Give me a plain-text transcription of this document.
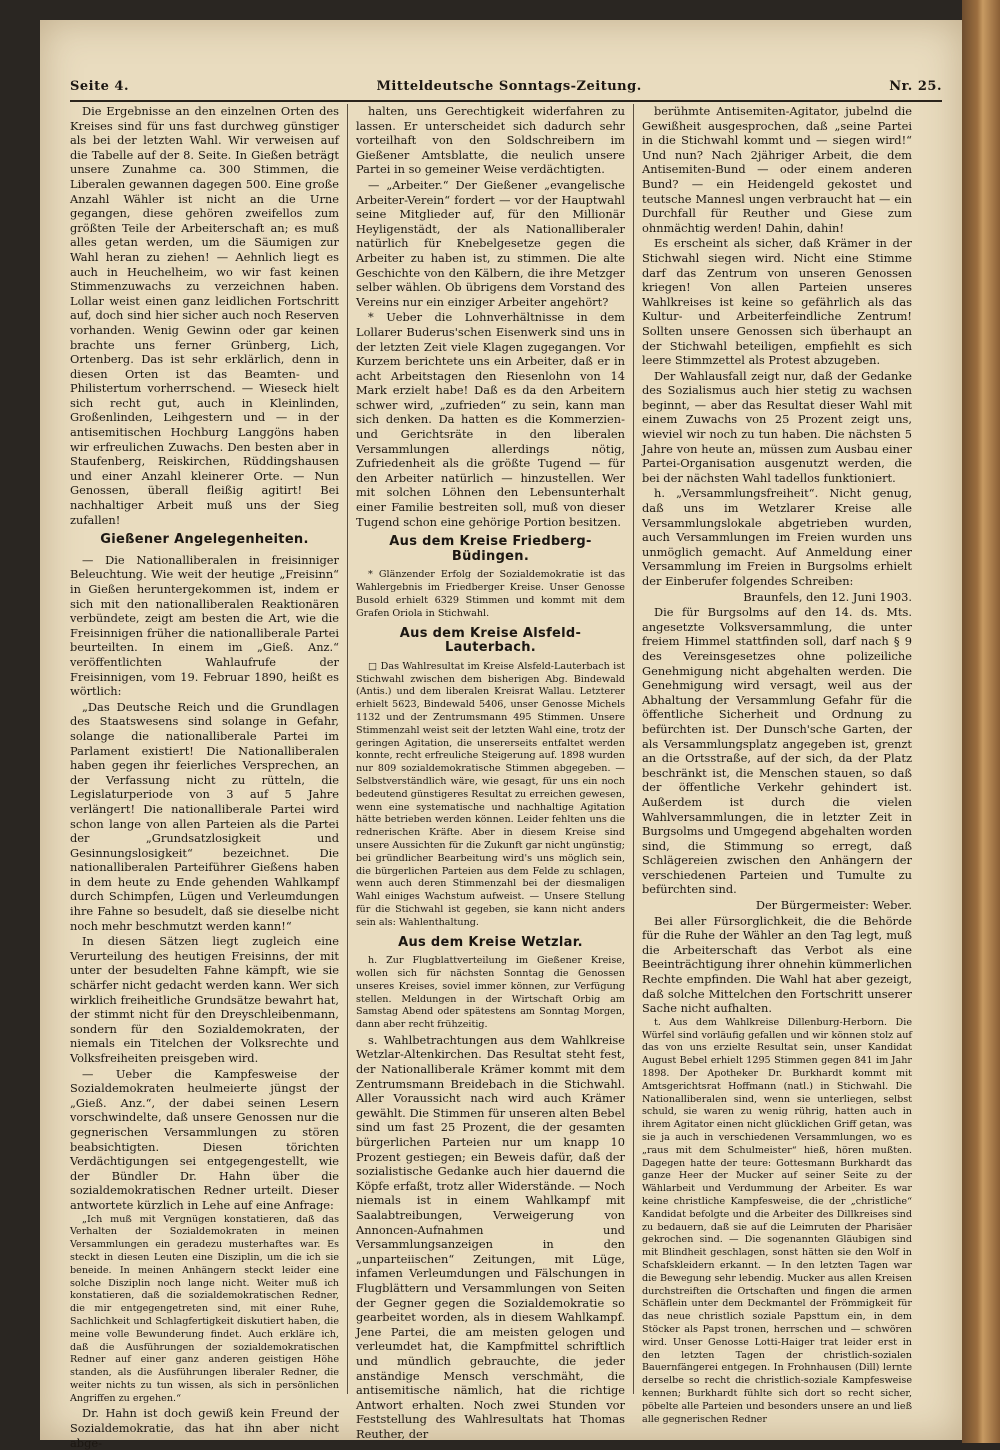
Seite 4.	Mitteldeutsche Sonntags-Zeitung.	Nr. 25.

Die Ergebnisse an den einzelnen Orten des Kreises sind für uns fast durchweg günstiger als bei der letzten Wahl. Wir verweisen auf die Tabelle auf der 8. Seite. In Gießen beträgt unsere Zunahme ca. 300 Stimmen, die Liberalen gewannen dagegen 500. Eine große Anzahl Wähler ist nicht an die Urne gegangen, diese gehören zweifellos zum größten Teile der Arbeiterschaft an; es muß alles getan werden, um die Säumigen zur Wahl heran zu ziehen! — Aehnlich liegt es auch in Heuchelheim, wo wir fast keinen Stimmenzuwachs zu verzeichnen haben. Lollar weist einen ganz leidlichen Fortschritt auf, doch sind hier sicher auch noch Reserven vorhanden. Wenig Gewinn oder gar keinen brachte uns ferner Grünberg, Lich, Ortenberg. Das ist sehr erklärlich, denn in diesen Orten ist das Beamten- und Philistertum vorherrschend. — Wieseck hielt sich recht gut, auch in Kleinlinden, Großenlinden, Leihgestern und — in der antisemitischen Hochburg Langgöns haben wir erfreulichen Zuwachs. Den besten aber in Staufenberg, Reiskirchen, Rüddingshausen und einer Anzahl kleinerer Orte. — Nun Genossen, überall fleißig agitirt! Bei nachhaltiger Arbeit muß uns der Sieg zufallen!

Gießener Angelegenheiten.

— Die Nationalliberalen in freisinniger Beleuchtung. Wie weit der heutige „Freisinn“ in Gießen heruntergekommen ist, indem er sich mit den nationalliberalen Reaktionären verbündete, zeigt am besten die Art, wie die Freisinnigen früher die nationalliberale Partei beurteilten. In einem im „Gieß. Anz.“ veröffentlichten Wahlaufrufe der Freisinnigen, vom 19. Februar 1890, heißt es wörtlich:

„Das Deutsche Reich und die Grundlagen des Staatswesens sind solange in Gefahr, solange die nationalliberale Partei im Parlament existiert! Die Nationalliberalen haben gegen ihr feierliches Versprechen, an der Verfassung nicht zu rütteln, die Legislaturperiode von 3 auf 5 Jahre verlängert! Die nationalliberale Partei wird schon lange von allen Parteien als die Partei der „Grundsatzlosigkeit und Gesinnungslosigkeit“ bezeichnet. Die nationalliberalen Parteiführer Gießens haben in dem heute zu Ende gehenden Wahlkampf durch Schimpfen, Lügen und Verleumdungen ihre Fahne so besudelt, daß sie dieselbe nicht noch mehr beschmutzt werden kann!“

In diesen Sätzen liegt zugleich eine Verurteilung des heutigen Freisinns, der mit unter der besudelten Fahne kämpft, wie sie schärfer nicht gedacht werden kann. Wer sich wirklich freiheitliche Grundsätze bewahrt hat, der stimmt nicht für den Dreyschleibenmann, sondern für den Sozialdemokraten, der niemals ein Titelchen der Volksrechte und Volksfreiheiten preisgeben wird.

— Ueber die Kampfesweise der Sozialdemokraten heulmeierte jüngst der „Gieß. Anz.“, der dabei seinen Lesern vorschwindelte, daß unsere Genossen nur die gegnerischen Versammlungen zu stören beabsichtigten. Diesen törichten Verdächtigungen sei entgegengestellt, wie der Bündler Dr. Hahn über die sozialdemokratischen Redner urteilt. Dieser antwortete kürzlich in Lehe auf eine Anfrage:

„Ich muß mit Vergnügen konstatieren, daß das Verhalten der Sozialdemokraten in meinen Versammlungen ein geradezu musterhaftes war. Es steckt in diesen Leuten eine Disziplin, um die ich sie beneide. In meinen Anhängern steckt leider eine solche Disziplin noch lange nicht. Weiter muß ich konstatieren, daß die sozialdemokratischen Redner, die mir entgegengetreten sind, mit einer Ruhe, Sachlichkeit und Schlagfertigkeit diskutiert haben, die meine volle Bewunderung findet. Auch erkläre ich, daß die Ausführungen der sozialdemokratischen Redner auf einer ganz anderen geistigen Höhe standen, als die Ausführungen liberaler Redner, die weiter nichts zu tun wissen, als sich in persönlichen Angriffen zu ergehen.“

Dr. Hahn ist doch gewiß kein Freund der Sozialdemokratie, das hat ihn aber nicht abge-

halten, uns Gerechtigkeit widerfahren zu lassen. Er unterscheidet sich dadurch sehr vorteilhaft von den Soldschreibern im Gießener Amtsblatte, die neulich unsere Partei in so gemeiner Weise verdächtigten.

— „Arbeiter.“ Der Gießener „evangelische Arbeiter-Verein“ fordert — vor der Hauptwahl seine Mitglieder auf, für den Millionär Heyligenstädt, der als Nationalliberaler natürlich für Knebelgesetze gegen die Arbeiter zu haben ist, zu stimmen. Die alte Geschichte von den Kälbern, die ihre Metzger selber wählen. Ob übrigens dem Vorstand des Vereins nur ein einziger Arbeiter angehört?

* Ueber die Lohnverhältnisse in dem Lollarer Buderus'schen Eisenwerk sind uns in der letzten Zeit viele Klagen zugegangen. Vor Kurzem berichtete uns ein Arbeiter, daß er in acht Arbeitstagen den Riesenlohn von 14 Mark erzielt habe! Daß es da den Arbeitern schwer wird, „zufrieden“ zu sein, kann man sich denken. Da hatten es die Kommerzien- und Gerichtsräte in den liberalen Versammlungen allerdings nötig, Zufriedenheit als die größte Tugend — für den Arbeiter natürlich — hinzustellen. Wer mit solchen Löhnen den Lebensunterhalt einer Familie bestreiten soll, muß von dieser Tugend schon eine gehörige Portion besitzen.

Aus dem Kreise Friedberg-Büdingen.

* Glänzender Erfolg der Sozialdemokratie ist das Wahlergebnis im Friedberger Kreise. Unser Genosse Busold erhielt 6329 Stimmen und kommt mit dem Grafen Oriola in Stichwahl.

Aus dem Kreise Alsfeld-Lauterbach.

□ Das Wahlresultat im Kreise Alsfeld-Lauterbach ist Stichwahl zwischen dem bisherigen Abg. Bindewald (Antis.) und dem liberalen Kreisrat Wallau. Letzterer erhielt 5623, Bindewald 5406, unser Genosse Michels 1132 und der Zentrumsmann 495 Stimmen. Unsere Stimmenzahl weist seit der letzten Wahl eine, trotz der geringen Agitation, die unsererseits entfaltet werden konnte, recht erfreuliche Steigerung auf. 1898 wurden nur 809 sozialdemokratische Stimmen abgegeben. — Selbstverständlich wäre, wie gesagt, für uns ein noch bedeutend günstigeres Resultat zu erreichen gewesen, wenn eine systematische und nachhaltige Agitation hätte betrieben werden können. Leider fehlten uns die rednerischen Kräfte. Aber in diesem Kreise sind unsere Aussichten für die Zukunft gar nicht ungünstig; bei gründlicher Bearbeitung wird's uns möglich sein, die bürgerlichen Parteien aus dem Felde zu schlagen, wenn auch deren Stimmenzahl bei der diesmaligen Wahl einiges Wachstum aufweist. — Unsere Stellung für die Stichwahl ist gegeben, sie kann nicht anders sein als: Wahlenthaltung.

Aus dem Kreise Wetzlar.

h. Zur Flugblattverteilung im Gießener Kreise, wollen sich für nächsten Sonntag die Genossen unseres Kreises, soviel immer können, zur Verfügung stellen. Meldungen in der Wirtschaft Orbig am Samstag Abend oder spätestens am Sonntag Morgen, dann aber recht frühzeitig.

s. Wahlbetrachtungen aus dem Wahlkreise Wetzlar-Altenkirchen. Das Resultat steht fest, der Nationalliberale Krämer kommt mit dem Zentrumsmann Breidebach in die Stichwahl. Aller Voraussicht nach wird auch Krämer gewählt. Die Stimmen für unseren alten Bebel sind um fast 25 Prozent, die der gesamten bürgerlichen Parteien nur um knapp 10 Prozent gestiegen; ein Beweis dafür, daß der sozialistische Gedanke auch hier dauernd die Köpfe erfaßt, trotz aller Widerstände. — Noch niemals ist in einem Wahlkampf mit Saalabtreibungen, Verweigerung von Annoncen-Aufnahmen und Versammlungsanzeigen in den „unparteiischen“ Zeitungen, mit Lüge, infamen Verleumdungen und Fälschungen in Flugblättern und Versammlungen von Seiten der Gegner gegen die Sozialdemokratie so gearbeitet worden, als in diesem Wahlkampf. Jene Partei, die am meisten gelogen und verleumdet hat, die Kampfmittel schriftlich und mündlich gebrauchte, die jeder anständige Mensch verschmäht, die antisemitische nämlich, hat die richtige Antwort erhalten. Noch zwei Stunden vor Feststellung des Wahlresultats hat Thomas Reuther, der

berühmte Antisemiten-Agitator, jubelnd die Gewißheit ausgesprochen, daß „seine Partei in die Stichwahl kommt und — siegen wird!“ Und nun? Nach 2jähriger Arbeit, die dem Antisemiten-Bund — oder einem anderen Bund? — ein Heidengeld gekostet und teutsche Mannesl ungen verbraucht hat — ein Durchfall für Reuther und Giese zum ohnmächtig werden! Dahin, dahin!

Es erscheint als sicher, daß Krämer in der Stichwahl siegen wird. Nicht eine Stimme darf das Zentrum von unseren Genossen kriegen! Von allen Parteien unseres Wahlkreises ist keine so gefährlich als das Kultur- und Arbeiterfeindliche Zentrum! Sollten unsere Genossen sich überhaupt an der Stichwahl beteiligen, empfiehlt es sich leere Stimmzettel als Protest abzugeben.

Der Wahlausfall zeigt nur, daß der Gedanke des Sozialismus auch hier stetig zu wachsen beginnt, — aber das Resultat dieser Wahl mit einem Zuwachs von 25 Prozent zeigt uns, wieviel wir noch zu tun haben. Die nächsten 5 Jahre von heute an, müssen zum Ausbau einer Partei-Organisation ausgenutzt werden, die bei der nächsten Wahl tadellos funktioniert.

h. „Versammlungsfreiheit“. Nicht genug, daß uns im Wetzlarer Kreise alle Versammlungslokale abgetrieben wurden, auch Versammlungen im Freien wurden uns unmöglich gemacht. Auf Anmeldung einer Versammlung im Freien in Burgsolms erhielt der Einberufer folgendes Schreiben:

Braunfels, den 12. Juni 1903.

Die für Burgsolms auf den 14. ds. Mts. angesetzte Volksversammlung, die unter freiem Himmel stattfinden soll, darf nach § 9 des Vereinsgesetzes ohne polizeiliche Genehmigung nicht abgehalten werden. Die Genehmigung wird versagt, weil aus der Abhaltung der Versammlung Gefahr für die öffentliche Sicherheit und Ordnung zu befürchten ist. Der Dunsch'sche Garten, der als Versammlungsplatz angegeben ist, grenzt an die Ortsstraße, auf der sich, da der Platz beschränkt ist, die Menschen stauen, so daß der öffentliche Verkehr gehindert ist. Außerdem ist durch die vielen Wahlversammlungen, die in letzter Zeit in Burgsolms und Umgegend abgehalten worden sind, die Stimmung so erregt, daß Schlägereien zwischen den Anhängern der verschiedenen Parteien und Tumulte zu befürchten sind.

Der Bürgermeister: Weber.

Bei aller Fürsorglichkeit, die die Behörde für die Ruhe der Wähler an den Tag legt, muß die Arbeiterschaft das Verbot als eine Beeinträchtigung ihrer ohnehin kümmerlichen Rechte empfinden. Die Wahl hat aber gezeigt, daß solche Mittelchen den Fortschritt unserer Sache nicht aufhalten.

t. Aus dem Wahlkreise Dillenburg-Herborn. Die Würfel sind vorläufig gefallen und wir können stolz auf das von uns erzielte Resultat sein, unser Kandidat August Bebel erhielt 1295 Stimmen gegen 841 im Jahr 1898. Der Apotheker Dr. Burkhardt kommt mit Amtsgerichtsrat Hoffmann (natl.) in Stichwahl. Die Nationalliberalen sind, wenn sie unterliegen, selbst schuld, sie waren zu wenig rührig, hatten auch in ihrem Agitator einen nicht glücklichen Griff getan, was sie ja auch in verschiedenen Versammlungen, wo es „raus mit dem Schulmeister“ hieß, hören mußten. Dagegen hatte der teure: Gottesmann Burkhardt das ganze Heer der Mucker auf seiner Seite zu der Wählarbeit und Verdummung der Arbeiter. Es war keine christliche Kampfesweise, die der „christliche“ Kandidat befolgte und die Arbeiter des Dillkreises sind zu bedauern, daß sie auf die Leimruten der Pharisäer gekrochen sind. — Die sogenannten Gläubigen sind mit Blindheit geschlagen, sonst hätten sie den Wolf in Schafskleidern erkannt. — In den letzten Tagen war die Bewegung sehr lebendig. Mucker aus allen Kreisen durchstreiften die Ortschaften und fingen die armen Schäflein unter dem Deckmantel der Frömmigkeit für das neue christlich soziale Papsttum ein, in dem Stöcker als Papst tronen, herrschen und — schwören wird. Unser Genosse Lotti-Haiger trat leider erst in den letzten Tagen der christlich-sozialen Bauernfängerei entgegen. In Frohnhausen (Dill) lernte derselbe so recht die christlich-soziale Kampfesweise kennen; Burkhardt fühlte sich dort so recht sicher, pöbelte alle Parteien und besonders unsere an und ließ alle gegnerischen Redner
